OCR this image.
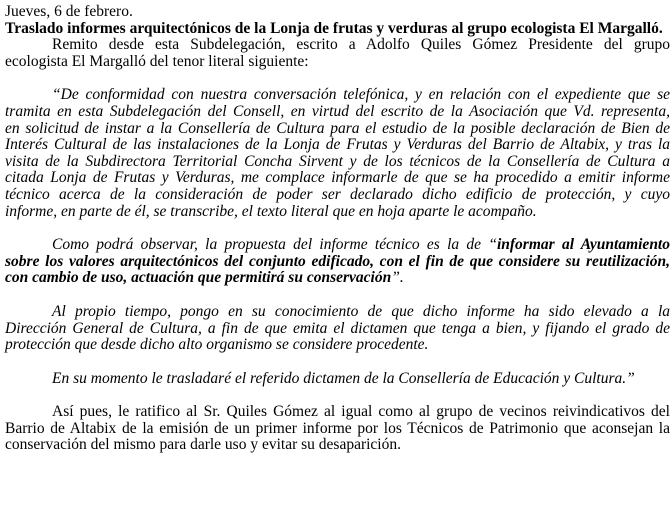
Jueves, 6 de febrero.

Traslado informes arquitectónicos de la Lonja de frutas y verduras al grupo ecologista El Margalló.

Remito desde esta Subdelegación, escrito a Adolfo Quiles Gómez Presidente del grupo
ecologista El Margalló del tenor literal siguiente:
“De conformidad con nuestra conversación telefónica, y en relación con el expediente que se
tramita en esta Subdelegación del Consell, en virtud del escrito de la Asociación que Vd. representa,
en solicitud de instar a la Consellería de Cultura para el estudio de la posible declaración de Bien de
Interés Cultural de las instalaciones de la Lonja de Frutas y Verduras del Barrio de Altabix, y tras la
visita de la Subdirectora Territorial Concha Sirvent y de los técnicos de la Consellería de Cultura a
citada Lonja de Frutas y Verduras, me complace informarle de que se ha procedido a emitir informe
técnico acerca de la consideración de poder ser declarado dicho edificio de protección, y cuyo
informe, en parte de él, se transcribe, el texto literal que en hoja aparte le acompaño.
Como podrá observar, la propuesta del informe técnico es la de “informar al Ayuntamiento
sobre los valores arquitectónicos del conjunto edificado, con el fin de que considere su reutilización,
con cambio de uso, actuación que permitirá su conservación”.
Al propio tiempo, pongo en su conocimiento de que dicho informe ha sido elevado a la
Dirección General de Cultura, a fin de que emita el dictamen que tenga a bien, y fijando el grado de
protección que desde dicho alto organismo se considere procedente.
En su momento le trasladaré el referido dictamen de la Consellería de Educación y Cultura.”
Así pues, le ratifico al Sr. Quiles Gómez al igual como al grupo de vecinos reivindicativos del
Barrio de Altabix de la emisión de un primer informe por los Técnicos de Patrimonio que aconsejan la
conservación del mismo para darle uso y evitar su desaparición.
